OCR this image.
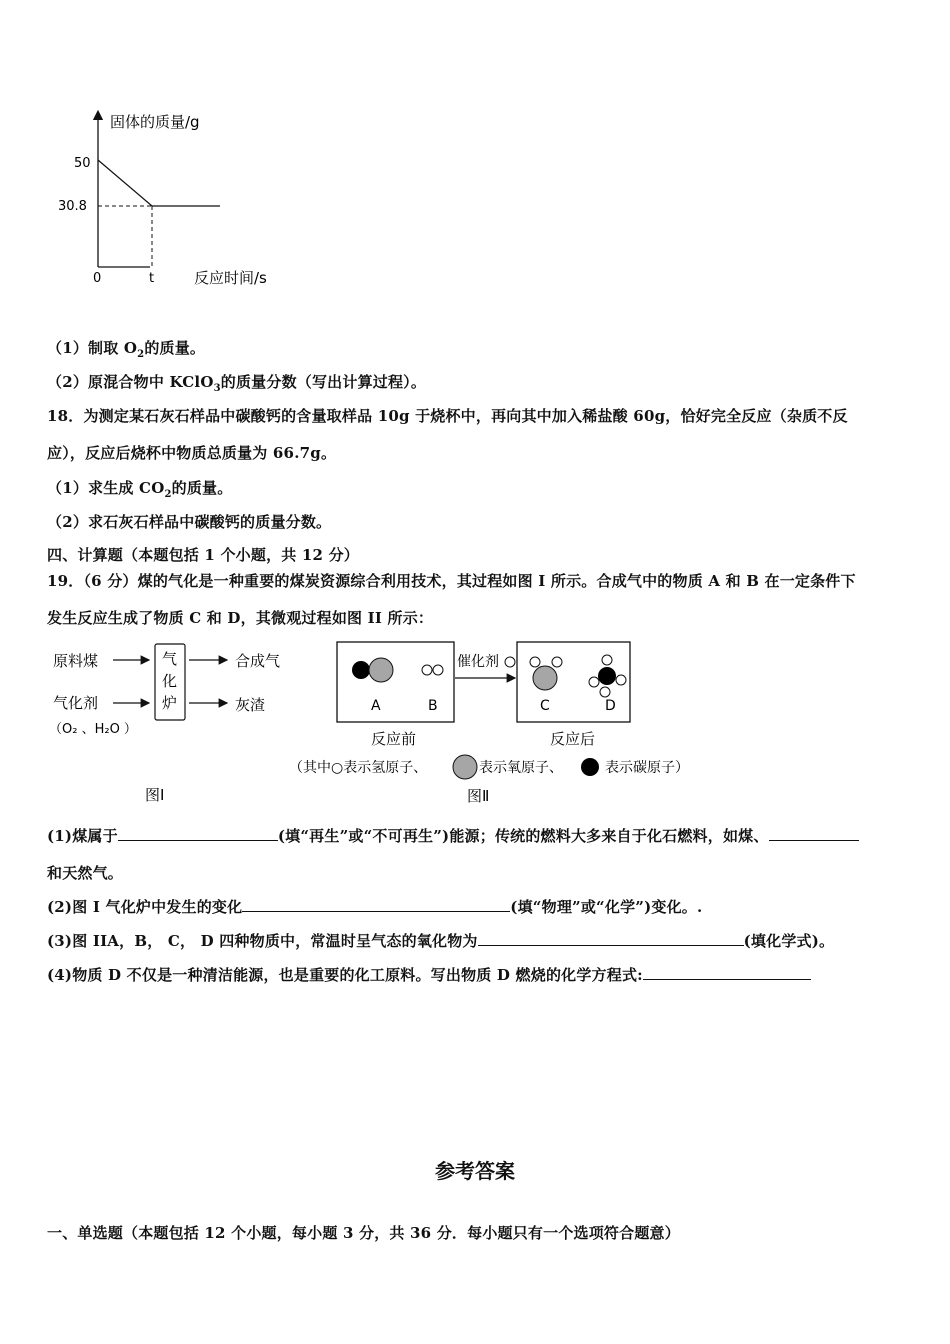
固体的质量/g
50
30.8
0	t	反应时间/s
（1）制取 $O_2$的质量。
（2）原混合物中 KClO$_3$的质量分数（写出计算过程）。
18．为测定某石灰石样品中碳酸钙的含量取样品 10g 于烧杯中，再向其中加入稀盐酸 60g，恰好完全反应（杂质不反
应），反应后烧杯中物质总质量为 66.7g。
（1）求生成 $CO_2$的质量。
（2）求石灰石样品中碳酸钙的质量分数。
四、计算题（本题包括 1 个小题，共 12 分）
19．（6 分）煤的气化是一种重要的煤炭资源综合利用技术，其过程如图 I 所示。合成气中的物质 A 和 B 在一定条件下
发生反应生成了物质 C 和 D，其微观过程如图 II 所示：
原料煤
气化剂
（O₂ 、H₂O ）
气
化
炉
合成气
灰渣
图Ⅰ
A	B
催化剂
C	D
反应前	反应后
（其中○表示氢原子、	表示氧原子、	表示碳原子）
图Ⅱ
(1)煤属于	(填“再生”或“不可再生”)能源；传统的燃料大多来自于化石燃料，如煤、
和天然气。
(2)图 I 气化炉中发生的变化	(填“物理”或“化学”)变化。.
(3)图 IIA，B， C， D 四种物质中，常温时呈气态的氧化物为	(填化学式)。
(4)物质 D 不仅是一种清洁能源，也是重要的化工原料。写出物质 D 燃烧的化学方程式:
参考答案
一、单选题（本题包括 12 个小题，每小题 3 分，共 36 分．每小题只有一个选项符合题意）
